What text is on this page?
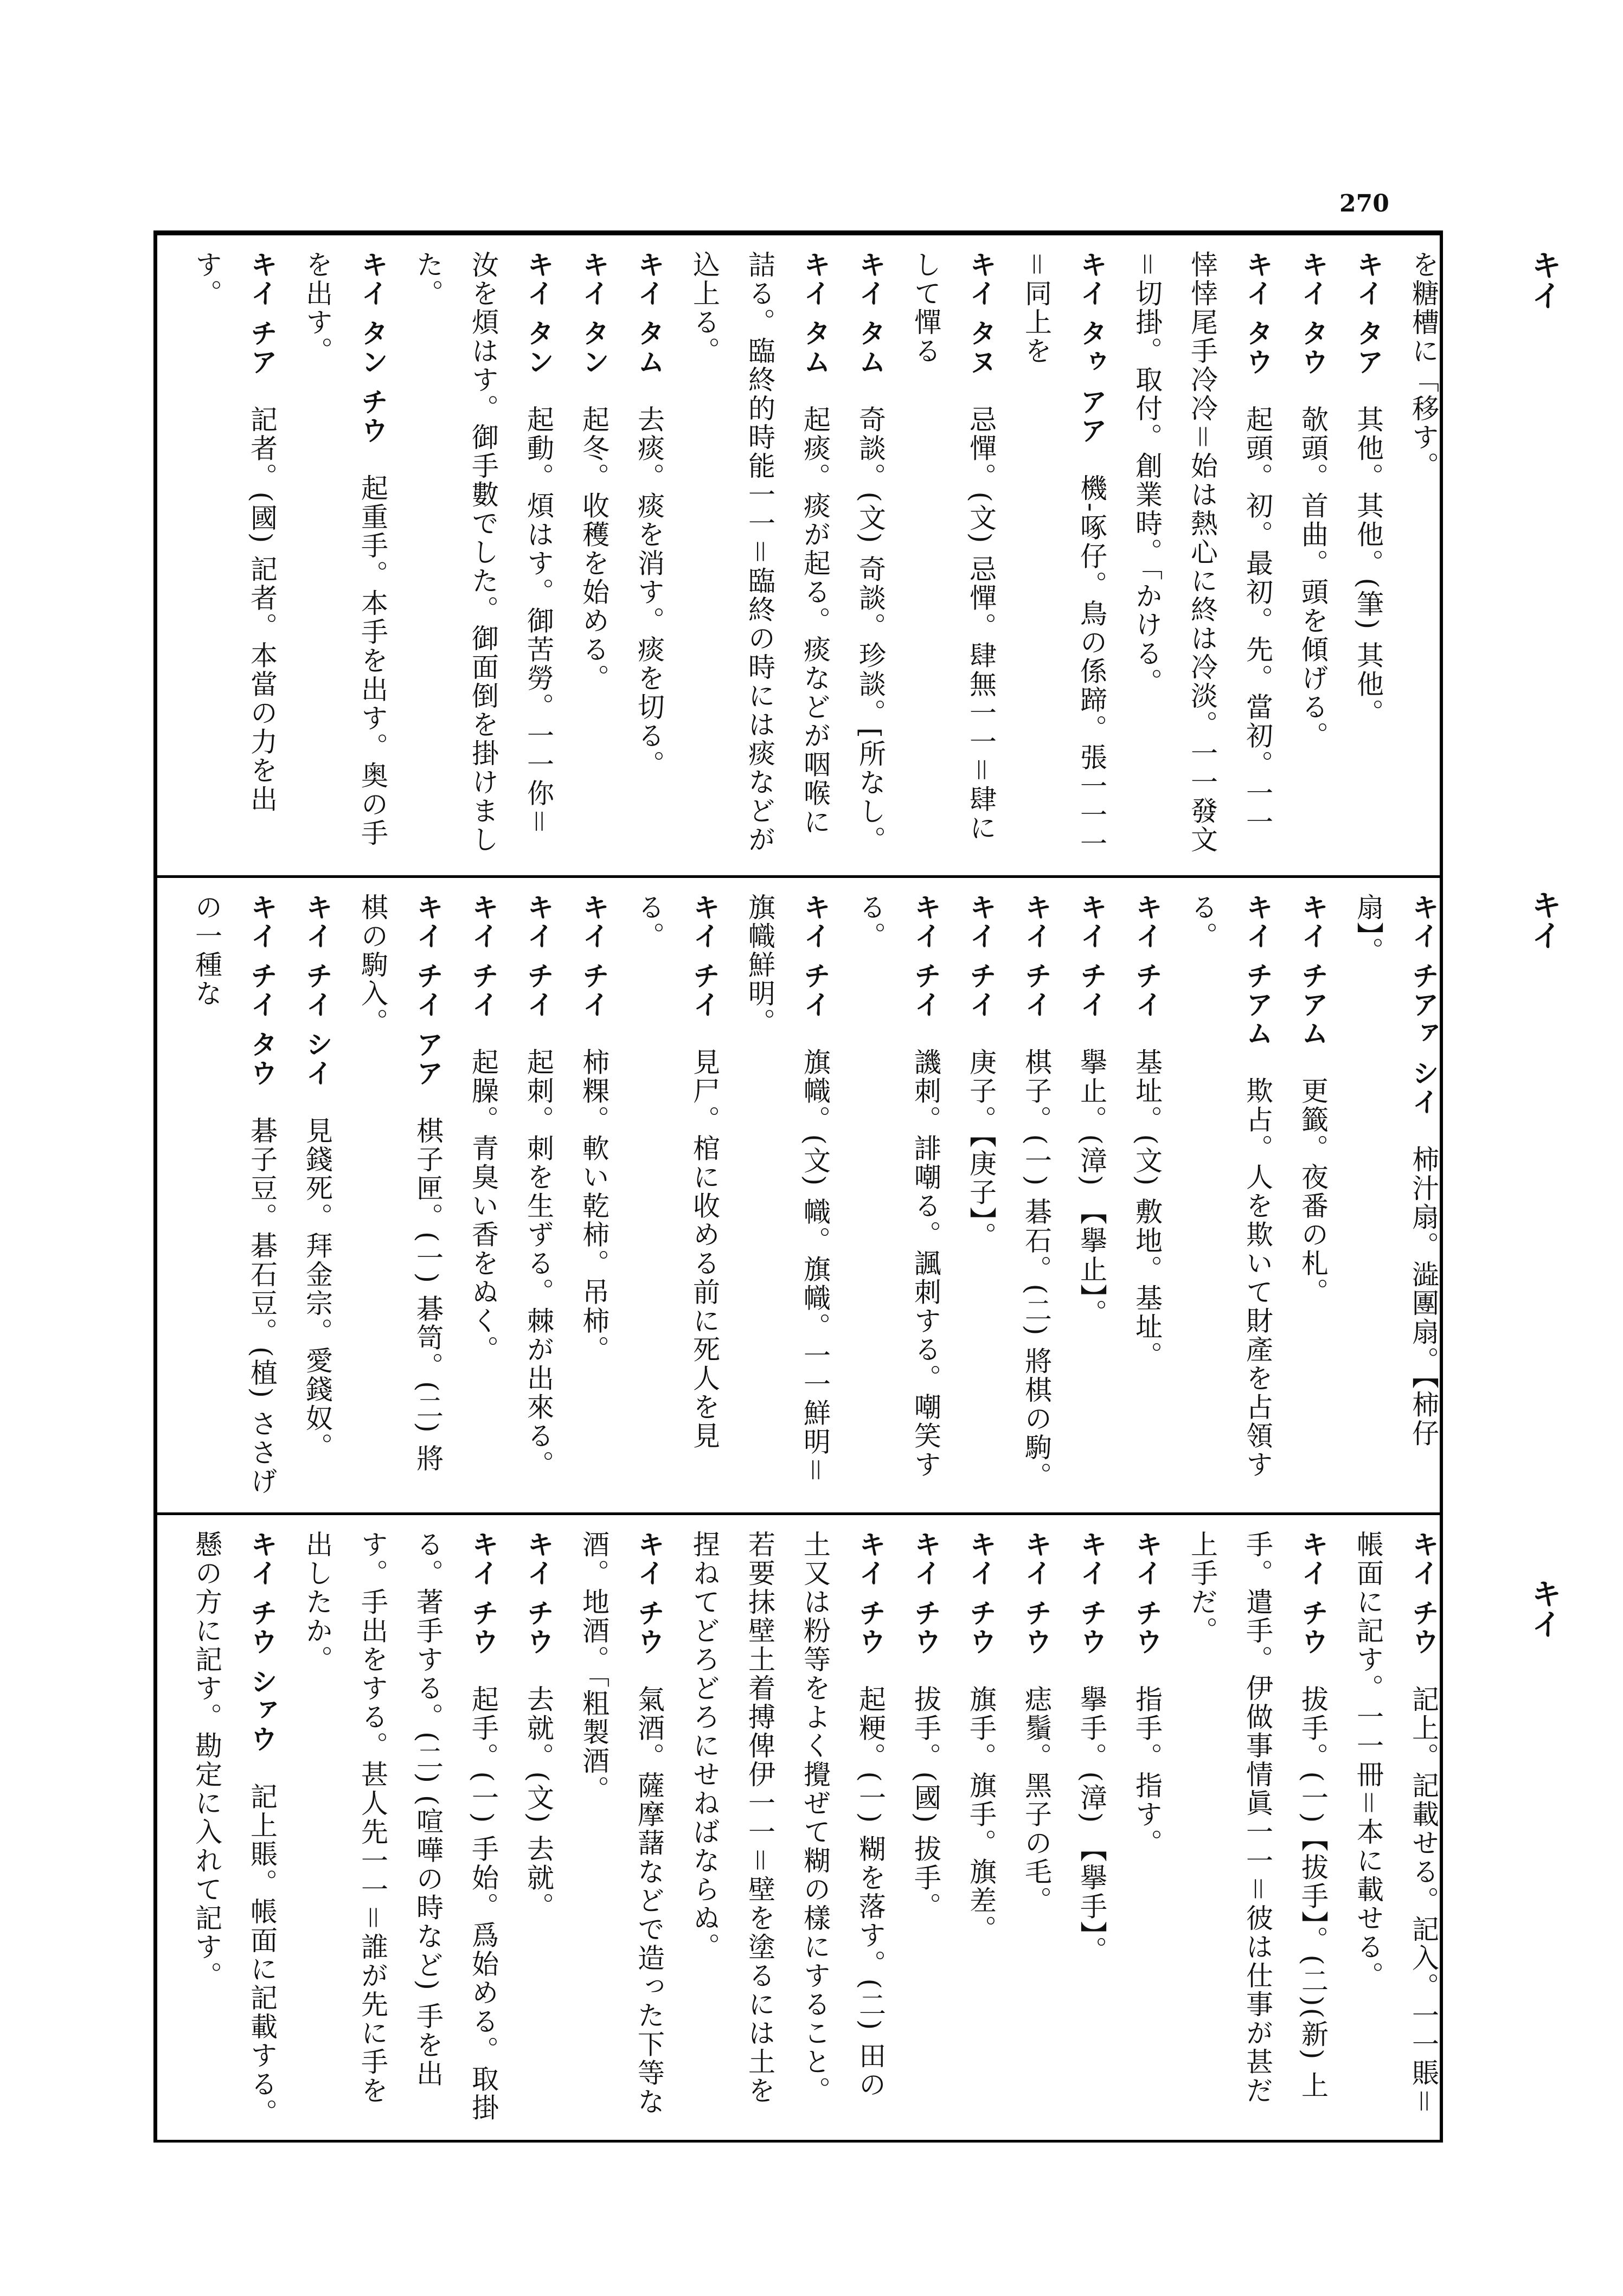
270
キイ
キイ
キイ

　 を糖槽に「移す。
キイ タア　其他。其他。(筆) 其他。
キイ タウ　欹頭。首曲。頭を傾げる。
キイ タウ　起頭。初。最初。先。當初。一一悻悻尾手冷冷＝始は熱心に終は冷淡。一一發文＝切掛。取付。創業時。「かける。
キイ タゥ アア　機-啄仔。鳥の係蹄。張一一一＝同上を
キイ タヌ　忌憚。(文) 忌憚。肆無一一＝肆にして憚る
キイ タム　奇談。(文) 奇談。珍談。[所なし。
キイ タム　起痰。痰が起る。痰などが咽喉に詰る。臨終的時能一一＝臨終の時には痰などが込上る。
キイ タム　去痰。痰を消す。痰を切る。
キイ タン　起冬。收穫を始める。
キイ タン　起動。煩はす。御苦勞。一一你＝汝を煩はす。御手數でした。御面倒を掛けました。
キイ タン チウ　起重手。本手を出す。奥の手を出す。
キイ チア　記者。(國) 記者。本當の力を出す。

キイ チアァ シイ　柿汁扇。澁團扇。【柿仔扇】。
キイ チアム　更籤。夜番の札。
キイ チアム　欺占。人を欺いて財產を占領する。
キイ チイ　基址。(文) 敷地。基址。
キイ チイ　擧止。(漳) 【擧止】。
キイ チイ　棋子。(一) 碁石。(二) 將棋の駒。
キイ チイ　庚子。【庚子】。
キイ チイ　譏刺。誹嘲る。諷刺する。嘲笑する。
キイ チイ　旗幟。(文) 幟。旗幟。一一鮮明＝旗幟鮮明。
キイ チイ　見尸。棺に收める前に死人を見る。
キイ チイ　柿粿。軟い乾柿。吊柿。
キイ チイ　起刺。刺を生ずる。棘が出來る。
キイ チイ　起臊。青臭い香をぬく。
キイ チイ アア　棋子匣。(一) 碁笥。(二) 將棋の駒入。
キイ チイ シイ　見錢死。拜金宗。愛錢奴。
キイ チイ タウ　碁子豆。碁石豆。(植) ささげの一種な

キイ チウ　記上。記載せる。記入。一一賬＝帳面に記す。一一冊＝本に載せる。
キイ チウ　拔手。(一)【拔手】。(二)(新) 上手。遣手。伊做事情眞一一＝彼は仕事が甚だ上手だ。
キイ チウ　指手。指す。
キイ チウ　擧手。(漳) 【擧手】。
キイ チウ　痣鬚。黑子の毛。
キイ チウ　旗手。旗手。旗差。
キイ チウ　拔手。(國) 拔手。
キイ チウ　起粳。(一) 糊を落す。(二) 田の土又は粉等をよく攪ぜて糊の樣にすること。若要抹壁土着搏俾伊一一＝壁を塗るには土を捏ねてどろどろにせねばならぬ。
キイ チウ　氣酒。薩摩藷などで造った下等な酒。地酒。「粗製酒。
キイ チウ　去就。(文) 去就。
キイ チウ　起手。(一) 手始。爲始める。取掛る。著手する。(二) (喧嘩の時など) 手を出す。手出をする。甚人先一一＝誰が先に手を出したか。
キイ チウ シァウ　記上賬。帳面に記載する。懸の方に記す。勘定に入れて記す。
